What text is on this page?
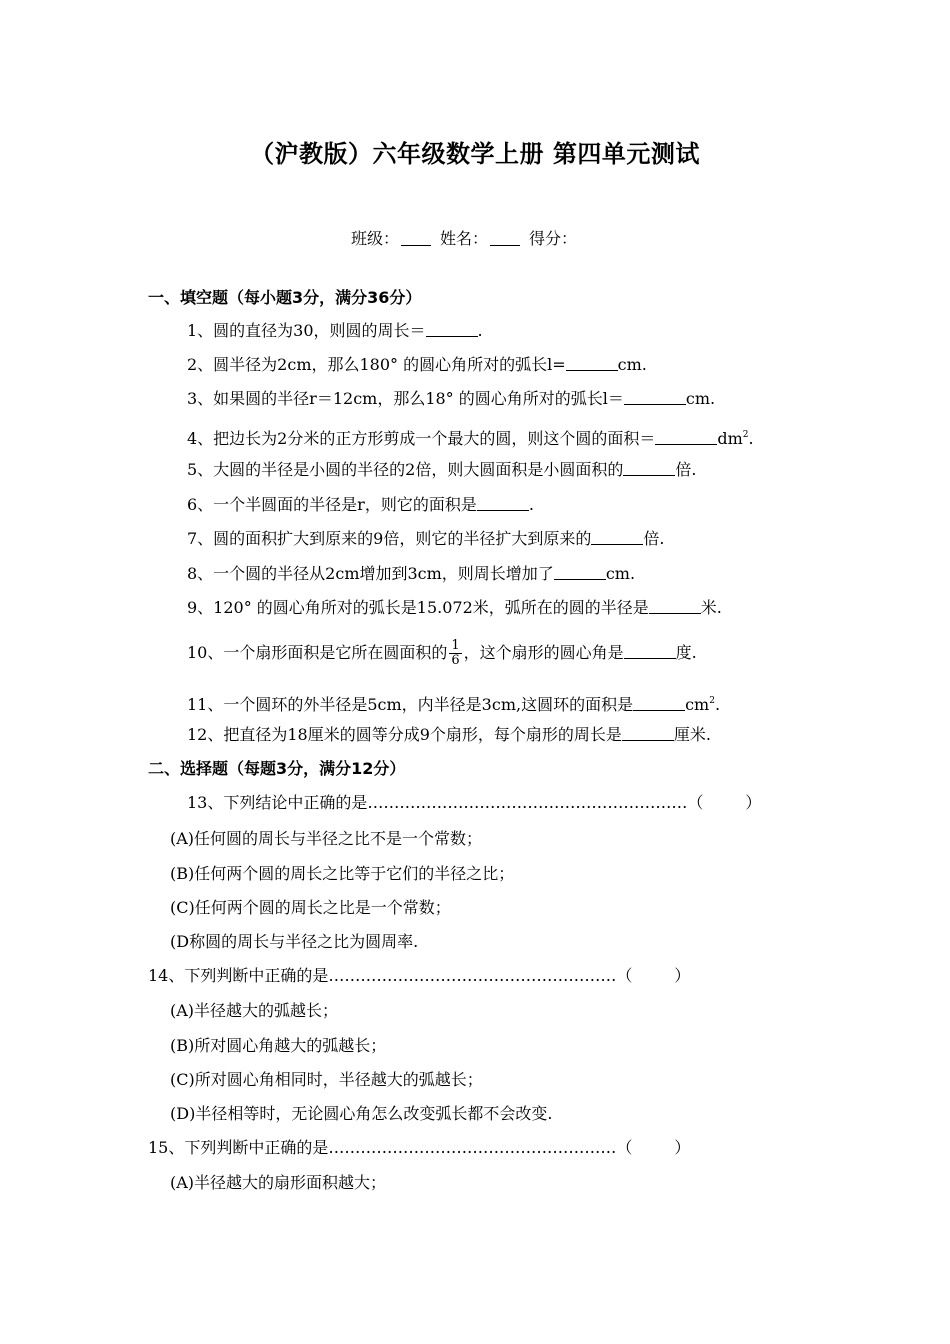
（沪教版）六年级数学上册 第四单元测试
班级：	姓名：	得分：
一、填空题（每小题3分，满分36分）
1、圆的直径为30，则圆的周长＝	.
2、圆半径为2cm，那么180° 的圆心角所对的弧长l=	cm.
3、如果圆的半径r＝12cm，那么18° 的圆心角所对的弧长l＝	cm.
4、把边长为2分米的正方形剪成一个最大的圆，则这个圆的面积＝	$dm^2$.
5、大圆的半径是小圆的半径的2倍，则大圆面积是小圆面积的	倍.
6、一个半圆面的半径是r，则它的面积是	.
7、圆的面积扩大到原来的9倍，则它的半径扩大到原来的	倍.
8、一个圆的半径从2cm增加到3cm，则周长增加了	cm.
9、120° 的圆心角所对的弧长是15.072米，弧所在的圆的半径是	米.
10、一个扇形面积是它所在圆面积的 $\frac{1}{6}$ ，这个扇形的圆心角是	度.
11、一个圆环的外半径是5cm，内半径是3cm,这圆环的面积是	$cm^2$.
12、把直径为18厘米的圆等分成9个扇形，每个扇形的周长是	厘米.
二、选择题（每题3分，满分12分）
13、下列结论中正确的是……………………………………………………（	）
(A)任何圆的周长与半径之比不是一个常数；
(B)任何两个圆的周长之比等于它们的半径之比；
(C)任何两个圆的周长之比是一个常数；
(D称圆的周长与半径之比为圆周率.
14、下列判断中正确的是………………………………………………（	）
(A)半径越大的弧越长；
(B)所对圆心角越大的弧越长；
(C)所对圆心角相同时，半径越大的弧越长；
(D)半径相等时，无论圆心角怎么改变弧长都不会改变.
15、下列判断中正确的是………………………………………………（	）
(A)半径越大的扇形面积越大；
